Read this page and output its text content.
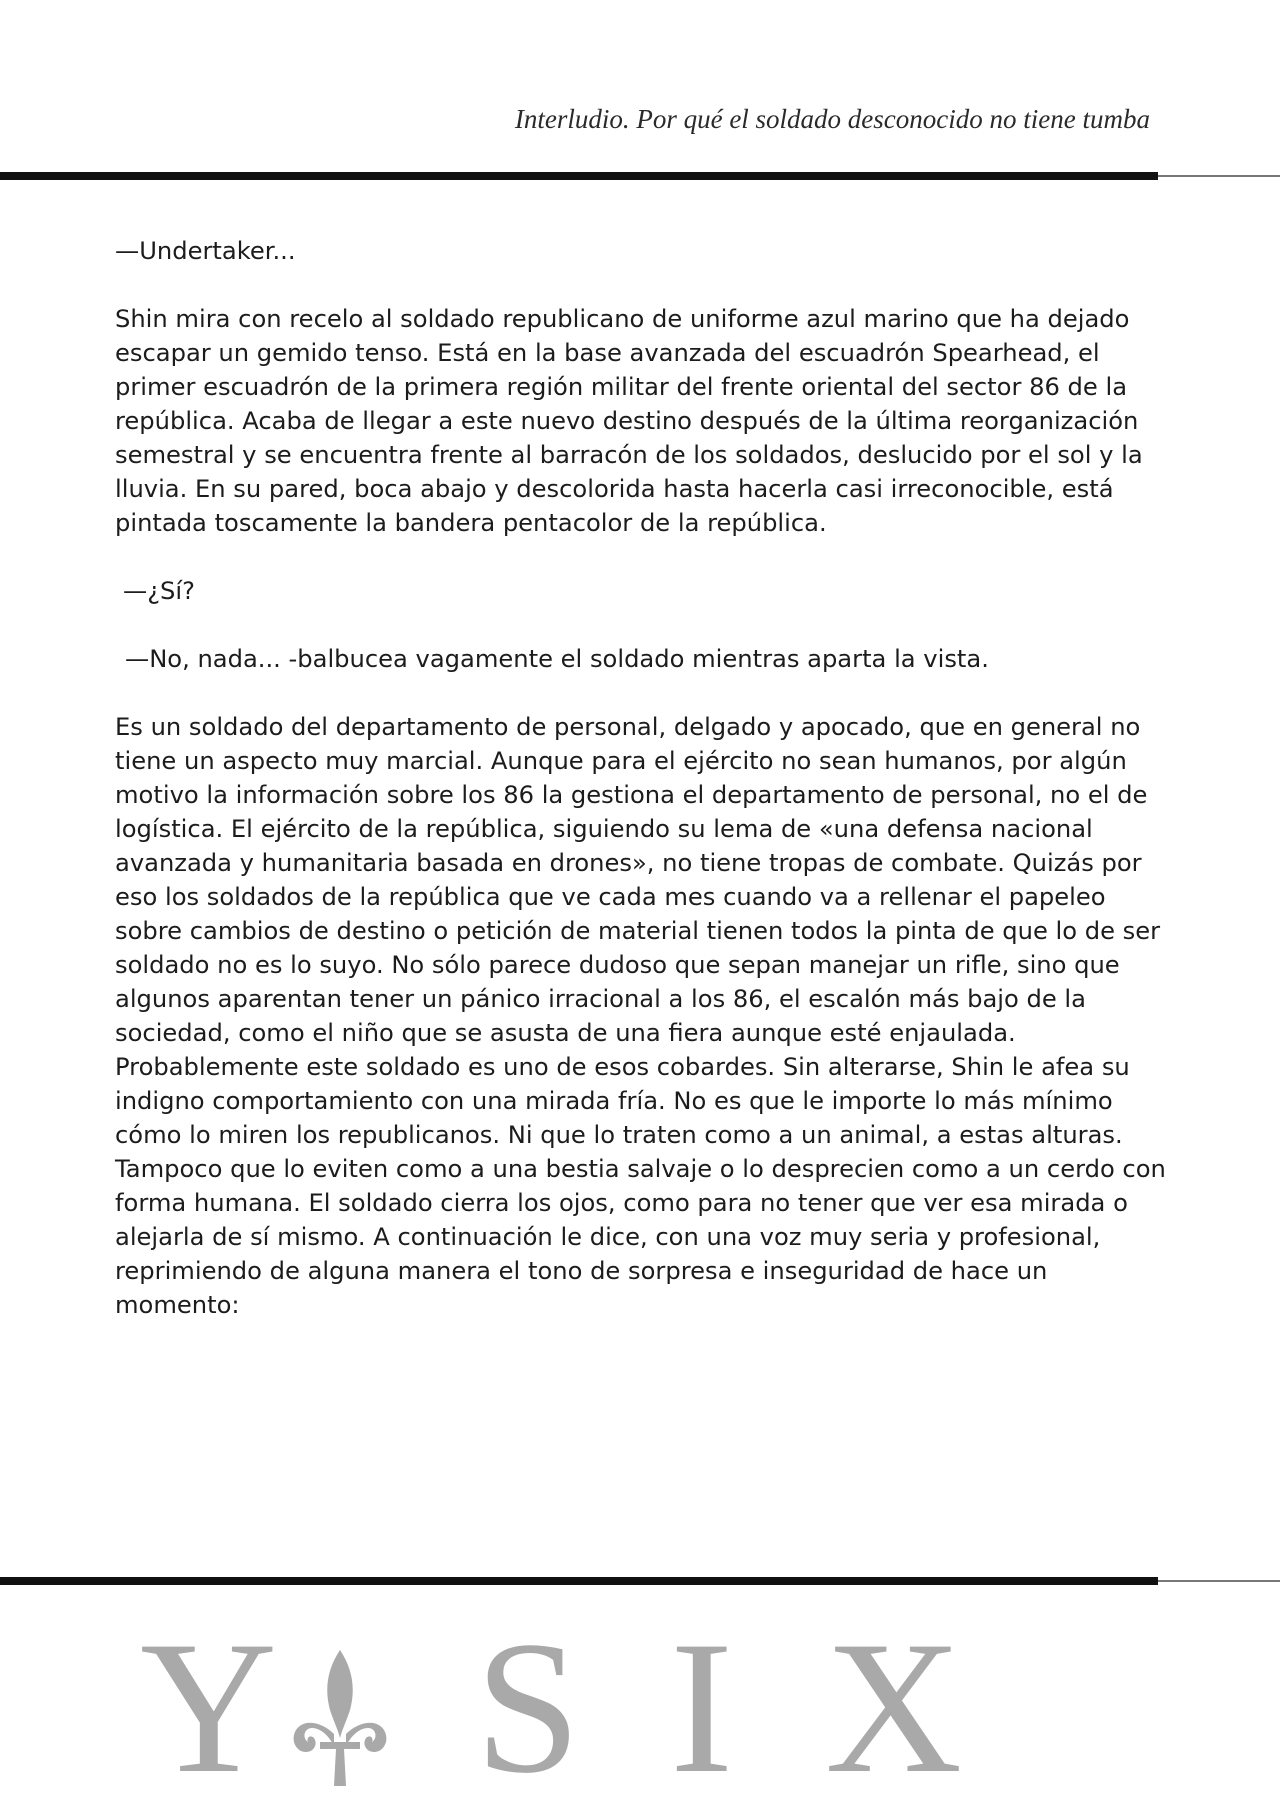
Interludio. Por qué el soldado desconocido no tiene tumba

—Undertaker...

Shin mira con recelo al soldado republicano de uniforme azul marino que ha dejado escapar un gemido tenso. Está en la base avanzada del escuadrón Spearhead, el primer escuadrón de la primera región militar del frente oriental del sector 86 de la república. Acaba de llegar a este nuevo destino después de la última reorganización semestral y se encuentra frente al barracón de los soldados, deslucido por el sol y la lluvia. En su pared, boca abajo y descolorida hasta hacerla casi irreconocible, está pintada toscamente la bandera pentacolor de la república.

—¿Sí?

—No, nada... -balbucea vagamente el soldado mientras aparta la vista.

Es un soldado del departamento de personal, delgado y apocado, que en general no tiene un aspecto muy marcial. Aunque para el ejército no sean humanos, por algún motivo la información sobre los 86 la gestiona el departamento de personal, no el de logística. El ejército de la república, siguiendo su lema de «una defensa nacional avanzada y humanitaria basada en drones», no tiene tropas de combate. Quizás por eso los soldados de la república que ve cada mes cuando va a rellenar el papeleo sobre cambios de destino o petición de material tienen todos la pinta de que lo de ser soldado no es lo suyo. No sólo parece dudoso que sepan manejar un rifle, sino que algunos aparentan tener un pánico irracional a los 86, el escalón más bajo de la sociedad, como el niño que se asusta de una fiera aunque esté enjaulada. Probablemente este soldado es uno de esos cobardes. Sin alterarse, Shin le afea su indigno comportamiento con una mirada fría. No es que le importe lo más mínimo cómo lo miren los republicanos. Ni que lo traten como a un animal, a estas alturas. Tampoco que lo eviten como a una bestia salvaje o lo desprecien como a un cerdo con forma humana. El soldado cierra los ojos, como para no tener que ver esa mirada o alejarla de sí mismo. A continuación le dice, con una voz muy seria y profesional, reprimiendo de alguna manera el tono de sorpresa e inseguridad de hace un momento:

Y S I X
